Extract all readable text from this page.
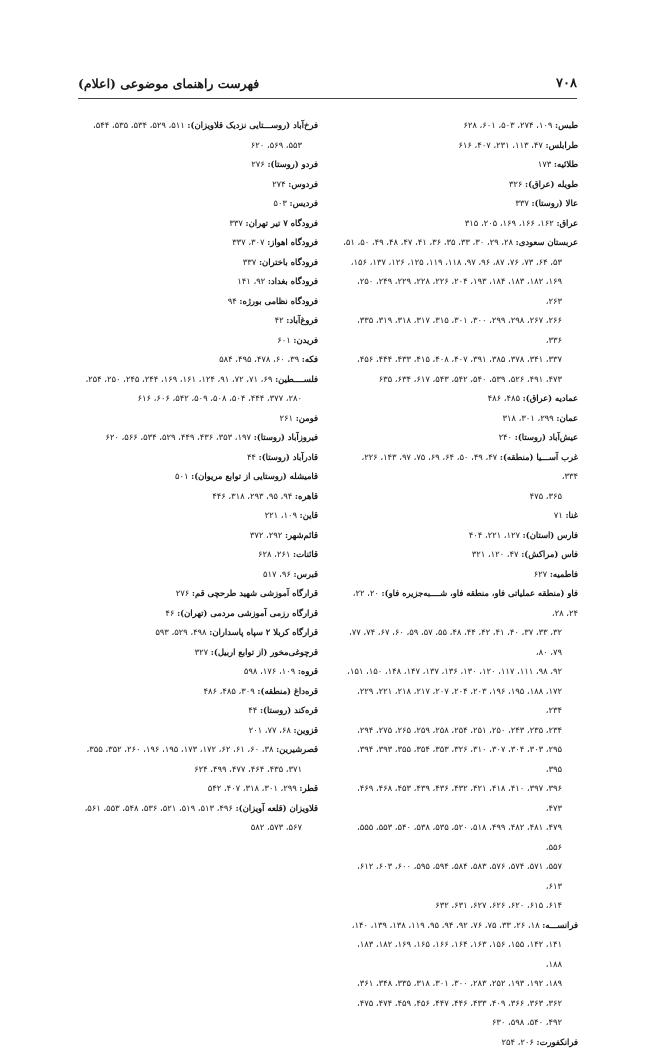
۷۰۸
فهرست راهنمای موضوعی (اعلام)
طبس: ۱۰۹، ۲۷۴، ۵۰۳، ۶۰۱، ۶۲۸
طرابلس: ۴۷، ۱۱۳، ۲۳۱، ۴۰۷، ۶۱۶
طلائیه: ۱۷۳
طویله (عراق): ۳۲۶
عالا (روستا): ۳۳۷
عراق: ۱۶۲، ۱۶۶، ۱۶۹، ۲۰۵، ۳۱۵
عربستان سعودی: ۲۸، ۲۹، ۳۰، ۳۳، ۳۵، ۳۶، ۴۱، ۴۷، ۴۸، ۴۹، ۵۰، ۵۱،
۵۳، ۶۴، ۷۳، ۷۶، ۸۷، ۹۶، ۹۷، ۱۱۸، ۱۱۹، ۱۲۵، ۱۲۶، ۱۳۷، ۱۵۶،
۱۶۹، ۱۸۲، ۱۸۳، ۱۸۴، ۱۹۳، ۲۰۴، ۲۲۶، ۲۲۸، ۲۲۹، ۲۴۹، ۲۵۰، ۲۶۳،
۲۶۶، ۲۶۷، ۲۹۸، ۲۹۹، ۳۰۰، ۳۰۱، ۳۱۵، ۳۱۷، ۳۱۸، ۳۱۹، ۳۳۵، ۳۳۶،
۳۳۷، ۳۴۱، ۳۷۸، ۳۸۵، ۳۹۱، ۴۰۷، ۴۰۸، ۴۱۵، ۴۳۳، ۴۴۴، ۴۵۶،
۴۷۳، ۴۹۱، ۵۲۶، ۵۳۹، ۵۴۰، ۵۴۲، ۵۴۳، ۶۱۷، ۶۳۴، ۶۳۵
عمادیه (عراق): ۴۸۵، ۴۸۶
عمان: ۲۹۹، ۳۰۱، ۳۱۸
عیش‌آباد (روستا): ۲۴۰
غرب آســـیا (منطقه): ۴۷، ۴۹، ۵۰، ۶۴، ۶۹، ۷۵، ۹۷، ۱۴۳، ۲۲۶، ۳۳۴،
۳۶۵، ۴۷۵
غنا: ۷۱
فارس (استان): ۱۲۷، ۲۲۱، ۴۰۴
فاس (مراکش): ۴۷، ۱۲۰، ۳۲۱
فاطمیه: ۶۲۷
فاو (منطقه عملیاتی فاو، منطقه فاو، شــــبه‌جزیره فاو): ۲۰، ۲۲، ۲۴، ۲۸،
۳۲، ۳۳، ۳۷، ۴۰، ۴۱، ۴۲، ۴۴، ۴۸، ۵۵، ۵۷، ۵۹، ۶۰، ۶۷، ۷۴، ۷۷، ۷۹، ۸۰،
۹۲، ۹۸، ۱۱۱، ۱۱۷، ۱۲۰، ۱۳۰، ۱۳۶، ۱۳۷، ۱۴۷، ۱۴۸، ۱۵۰، ۱۵۱،
۱۷۲، ۱۸۸، ۱۹۵، ۱۹۶، ۲۰۳، ۲۰۴، ۲۰۷، ۲۱۷، ۲۱۸، ۲۲۱، ۲۲۹، ۲۳۴،
۲۳۴، ۲۳۵، ۲۴۳، ۲۵۰، ۲۵۱، ۲۵۴، ۲۵۸، ۲۵۹، ۲۶۵، ۲۷۵، ۲۹۴،
۲۹۵، ۳۰۳، ۳۰۴، ۳۰۷، ۳۱۰، ۳۲۶، ۳۵۳، ۳۵۴، ۳۵۵، ۳۹۳، ۳۹۴، ۳۹۵،
۳۹۶، ۳۹۷، ۴۱۰، ۴۱۸، ۴۲۱، ۴۳۲، ۴۳۶، ۴۳۹، ۴۵۳، ۴۶۸، ۴۶۹، ۴۷۳،
۴۷۹، ۴۸۱، ۴۸۲، ۴۹۹، ۵۱۸، ۵۲۰، ۵۳۵، ۵۳۸، ۵۴۰، ۵۵۳، ۵۵۵، ۵۵۶،
۵۵۷، ۵۷۱، ۵۷۴، ۵۷۶، ۵۸۳، ۵۸۴، ۵۹۴، ۵۹۵، ۶۰۰، ۶۰۳، ۶۱۲، ۶۱۳،
۶۱۴، ۶۱۵، ۶۲۰، ۶۲۶، ۶۲۷، ۶۳۱، ۶۳۲
فرانســـه: ۱۸، ۲۶، ۳۳، ۷۵، ۷۶، ۹۲، ۹۴، ۹۵، ۱۱۹، ۱۳۸، ۱۳۹، ۱۴۰،
۱۴۱، ۱۴۲، ۱۵۵، ۱۵۶، ۱۶۳، ۱۶۴، ۱۶۶، ۱۶۵، ۱۶۹، ۱۸۲، ۱۸۳، ۱۸۸،
۱۸۹، ۱۹۲، ۱۹۳، ۲۵۲، ۲۸۳، ۳۰۰، ۳۰۱، ۳۱۸، ۳۳۵، ۳۴۸، ۳۶۱،
۳۶۲، ۳۶۳، ۳۶۶، ۴۰۹، ۴۳۳، ۴۴۶، ۴۴۷، ۴۵۶، ۴۵۹، ۴۷۴، ۴۷۵،
۴۹۲، ۵۴۰، ۵۹۸، ۶۳۰
فرانکفورت: ۲۰۶، ۲۵۴
فرخ‌آباد (روســـتایی نزدیک قلاویزان): ۵۱۱، ۵۲۹، ۵۳۴، ۵۳۵، ۵۴۴،
۵۵۳، ۵۶۹، ۶۲۰
فردو (روستا): ۲۷۶
فردوس: ۲۷۴
فردیس: ۵۰۳
فرودگاه ۷ تیر تهران: ۳۳۷
فرودگاه اهواز: ۳۰۷، ۳۳۷
فرودگاه باختران: ۳۳۷
فرودگاه بغداد: ۹۲، ۱۴۱
فرودگاه نظامی بورژه: ۹۴
فروغ‌آباد: ۴۲
فریدن: ۶۰۱
فکه: ۳۹، ۶۰، ۴۷۸، ۴۹۵، ۵۸۴
فلســــطین: ۶۹، ۷۱، ۷۲، ۹۱، ۱۲۴، ۱۶۱، ۱۶۹، ۲۴۴، ۲۴۵، ۲۵۰، ۲۵۴،
۲۸۰، ۳۷۷، ۴۴۴، ۵۰۴، ۵۰۸، ۵۰۹، ۵۴۲، ۶۰۶، ۶۱۶
فومن: ۲۶۱
فیروزآباد (روستا): ۱۹۷، ۳۵۳، ۴۳۶، ۴۴۹، ۵۲۹، ۵۳۴، ۵۶۶، ۶۲۰
قادرآباد (روستا): ۴۴
قامیشله (روستایی از توابع مریوان): ۵۰۱
قاهره: ۹۴، ۹۵، ۲۹۳، ۳۱۸، ۴۴۶
قاین: ۱۰۹، ۲۲۱
قائم‌شهر: ۲۹۲، ۳۷۲
قائنات: ۲۶۱، ۶۲۸
قبرس: ۹۶، ۵۱۷
قرارگاه آموزشی شهید طرحچی قم: ۲۷۶
قرارگاه رزمی آموزشی مردمی (تهران): ۴۶
قرارگاه کربلا ۲ سپاه پاسداران: ۴۹۸، ۵۲۹، ۵۹۳
قرچوغی‌مخور (از توابع اربیل): ۳۲۷
قروه: ۱۰۹، ۱۷۶، ۵۹۸
قره‌داغ (منطقه): ۳۰۹، ۴۸۵، ۴۸۶
قره‌کند (روستا): ۴۴
قزوین: ۶۸، ۷۷، ۲۰۱
قصرشیرین: ۳۸، ۶۰، ۶۱، ۶۲، ۱۷۲، ۱۷۳، ۱۹۵، ۱۹۶، ۲۶۰، ۳۵۲، ۳۵۵،
۳۷۱، ۴۳۵، ۴۶۴، ۴۷۷، ۴۹۹، ۶۲۴
قطر: ۲۹۹، ۳۰۱، ۳۱۸، ۴۰۷، ۵۴۲
قلاویزان (قلعه آویزان): ۴۹۶، ۵۱۳، ۵۱۹، ۵۲۱، ۵۳۶، ۵۴۸، ۵۵۳، ۵۶۱،
۵۶۷، ۵۷۳، ۵۸۲
